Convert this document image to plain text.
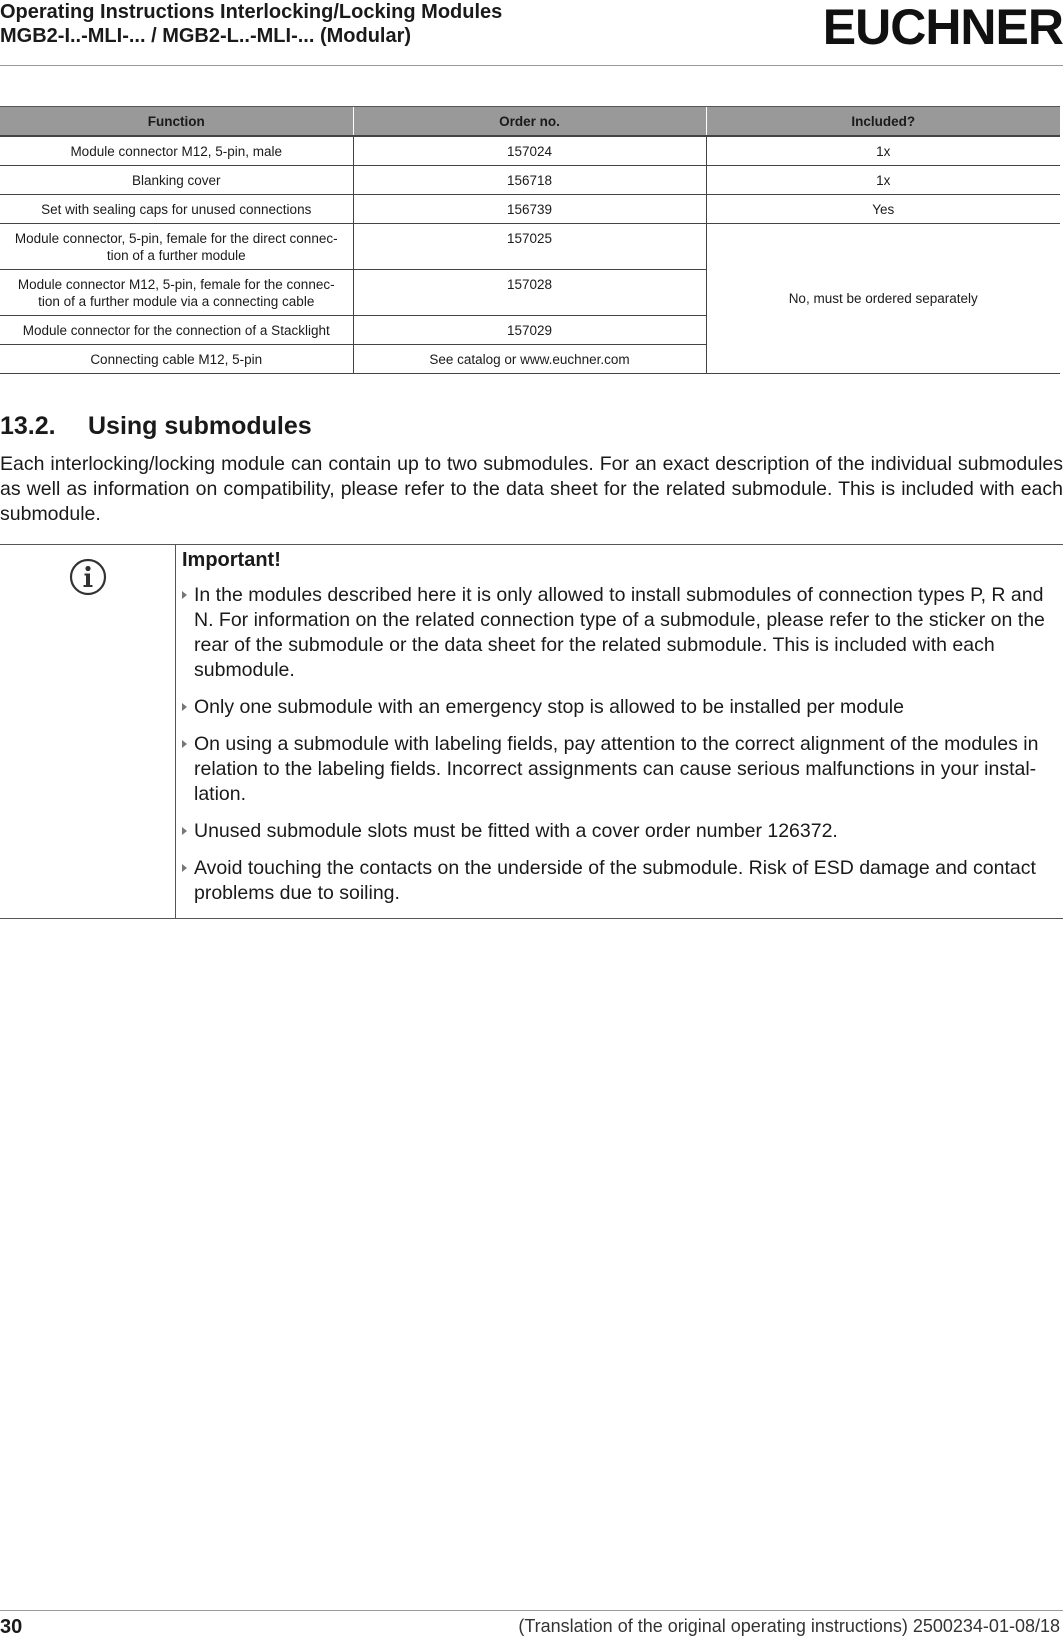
Operating Instructions Interlocking/Locking Modules
MGB2-I..-MLI-... / MGB2-L..-MLI-... (Modular)	EUCHNER
Function	Order no.	Included?
Module connector M12, 5-pin, male	157024	1x
Blanking cover	156718	1x
Set with sealing caps for unused connections	156739	Yes
Module connector, 5-pin, female for the direct connec-tion of a further module	157025	No, must be ordered separately
Module connector M12, 5-pin, female for the connec-tion of a further module via a connecting cable	157028	
Module connector for the connection of a Stacklight	157029	
Connecting cable M12, 5-pin	See catalog or www.euchner.com	
13.2. Using submodules
Each interlocking/locking module can contain up to two submodules. For an exact description of the individual submodules as well as information on compatibility, please refer to the data sheet for the related submodule. This is included with each submodule.
Important!
In the modules described here it is only allowed to install submodules of connection types P, R and N. For information on the related connection type of a submodule, please refer to the sticker on the rear of the submodule or the data sheet for the related submodule. This is included with each submodule.
Only one submodule with an emergency stop is allowed to be installed per module
On using a submodule with labeling fields, pay attention to the correct alignment of the modules in relation to the labeling fields. Incorrect assignments can cause serious malfunctions in your instal-lation.
Unused submodule slots must be fitted with a cover order number 126372.
Avoid touching the contacts on the underside of the submodule. Risk of ESD damage and contact problems due to soiling.
30	(Translation of the original operating instructions) 2500234-01-08/18
